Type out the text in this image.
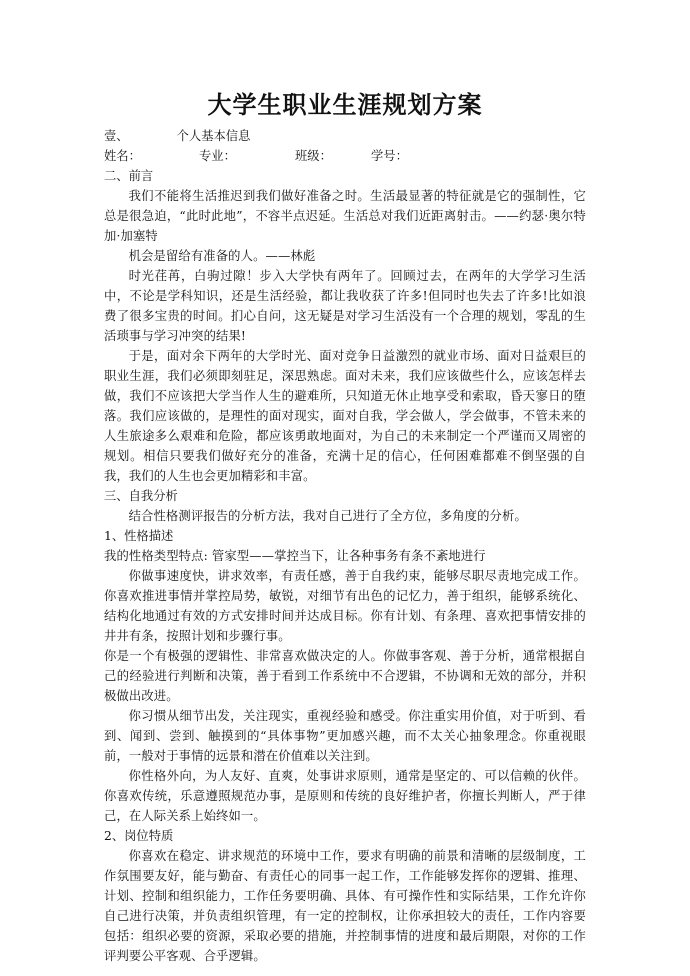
大学生职业生涯规划方案
壹、	个人基本信息
姓名：	专业：	班级：	学号：

二、前言

我们不能将生活推迟到我们做好准备之时。生活最显著的特征就是它的强制性，它总是很急迫，“此时此地”，不容半点迟延。生活总对我们近距离射击。——约瑟·奥尔特加·加塞特

机会是留给有准备的人。——林彪

时光荏苒，白驹过隙！步入大学快有两年了。回顾过去，在两年的大学学习生活中，不论是学科知识，还是生活经验，都让我收获了许多!但同时也失去了许多!比如浪费了很多宝贵的时间。扪心自问，这无疑是对学习生活没有一个合理的规划，零乱的生活琐事与学习冲突的结果!

于是，面对余下两年的大学时光、面对竞争日益激烈的就业市场、面对日益艰巨的职业生涯，我们必须即刻驻足，深思熟虑。面对未来，我们应该做些什么，应该怎样去做，我们不应该把大学当作人生的避难所，只知道无休止地享受和索取，昏天寥日的堕落。我们应该做的，是理性的面对现实，面对自我，学会做人，学会做事，不管未来的人生旅途多么艰难和危险，都应该勇敢地面对，为自己的未来制定一个严谨而又周密的规划。相信只要我们做好充分的准备，充满十足的信心，任何困难都难不倒坚强的自我，我们的人生也会更加精彩和丰富。

三、自我分析

结合性格测评报告的分析方法，我对自己进行了全方位，多角度的分析。

1、性格描述

我的性格类型特点: 管家型——掌控当下，让各种事务有条不紊地进行

你做事速度快，讲求效率，有责任感，善于自我约束，能够尽职尽责地完成工作。你喜欢推进事情并掌控局势，敏锐，对细节有出色的记忆力，善于组织，能够系统化、结构化地通过有效的方式安排时间并达成目标。你有计划、有条理、喜欢把事情安排的井井有条，按照计划和步骤行事。

你是一个有极强的逻辑性、非常喜欢做决定的人。你做事客观、善于分析，通常根据自己的经验进行判断和决策，善于看到工作系统中不合逻辑，不协调和无效的部分，并积极做出改进。

你习惯从细节出发，关注现实，重视经验和感受。你注重实用价值，对于听到、看到、闻到、尝到、触摸到的“具体事物”更加感兴趣，而不太关心抽象理念。你重视眼前，一般对于事情的远景和潜在价值难以关注到。

你性格外向，为人友好、直爽，处事讲求原则，通常是坚定的、可以信赖的伙伴。你喜欢传统，乐意遵照规范办事，是原则和传统的良好维护者，你擅长判断人，严于律己，在人际关系上始终如一。

2、岗位特质

你喜欢在稳定、讲求规范的环境中工作，要求有明确的前景和清晰的层级制度，工作氛围要友好，能与勤奋、有责任心的同事一起工作，工作能够发挥你的逻辑、推理、计划、控制和组织能力，工作任务要明确、具体、有可操作性和实际结果，工作允许你自己进行决策，并负责组织管理，有一定的控制权，让你承担较大的责任，工作内容要包括：组织必要的资源，采取必要的措施，并控制事情的进度和最后期限，对你的工作评判要公平客观、合乎逻辑。
